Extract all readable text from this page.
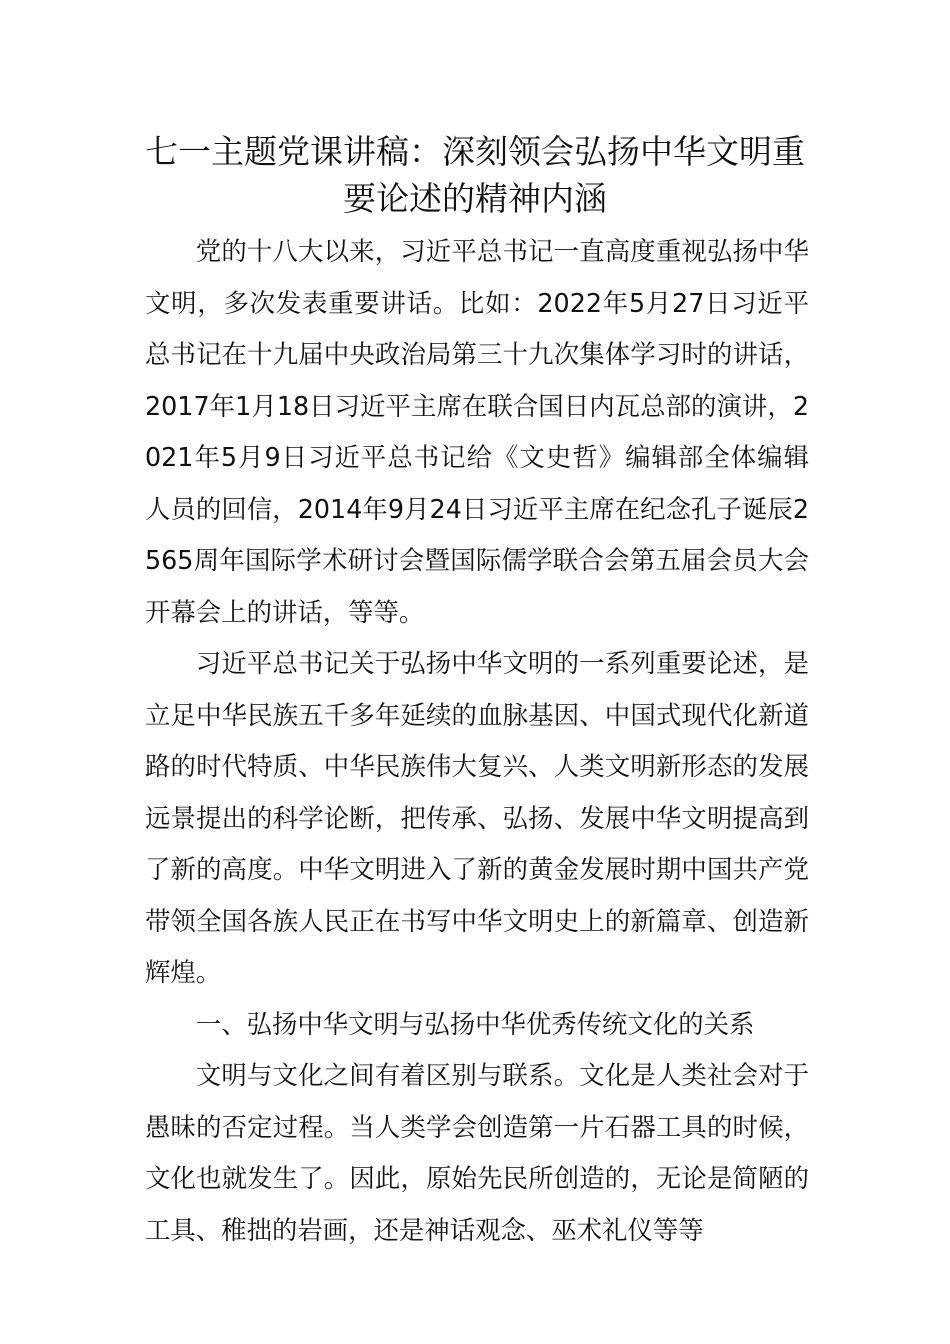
七一主题党课讲稿：深刻领会弘扬中华文明重要论述的精神内涵

党的十八大以来，习近平总书记一直高度重视弘扬中华文明，多次发表重要讲话。比如：2022年5月27日习近平总书记在十九届中央政治局第三十九次集体学习时的讲话，2017年1月18日习近平主席在联合国日内瓦总部的演讲，2021年5月9日习近平总书记给《文史哲》编辑部全体编辑人员的回信，2014年9月24日习近平主席在纪念孔子诞辰2565周年国际学术研讨会暨国际儒学联合会第五届会员大会开幕会上的讲话，等等。

习近平总书记关于弘扬中华文明的一系列重要论述，是立足中华民族五千多年延续的血脉基因、中国式现代化新道路的时代特质、中华民族伟大复兴、人类文明新形态的发展远景提出的科学论断，把传承、弘扬、发展中华文明提高到了新的高度。中华文明进入了新的黄金发展时期中国共产党带领全国各族人民正在书写中华文明史上的新篇章、创造新辉煌。

一、弘扬中华文明与弘扬中华优秀传统文化的关系

文明与文化之间有着区别与联系。文化是人类社会对于愚昧的否定过程。当人类学会创造第一片石器工具的时候，文化也就发生了。因此，原始先民所创造的，无论是简陋的工具、稚拙的岩画，还是神话观念、巫术礼仪等等
